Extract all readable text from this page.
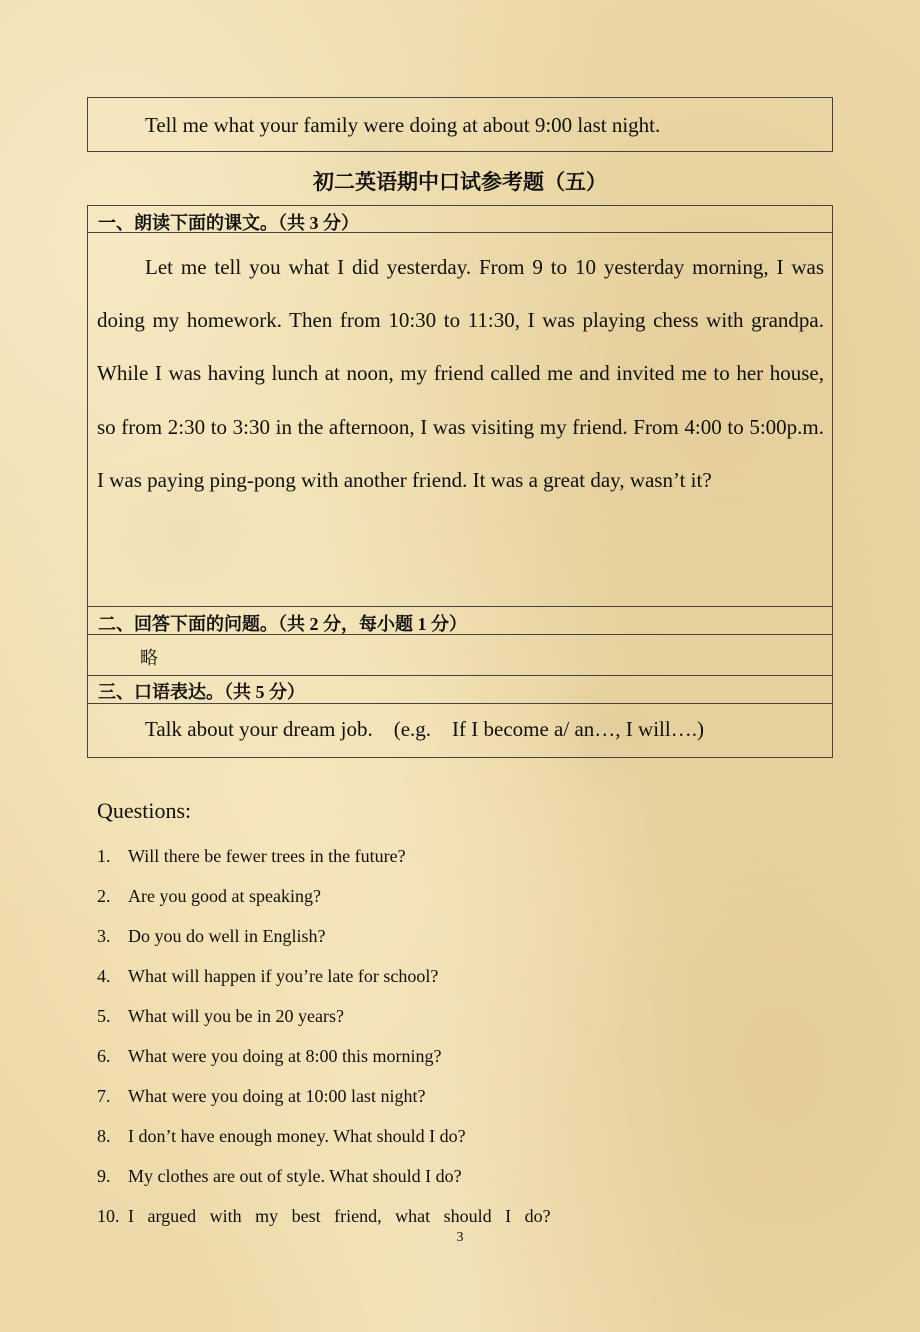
Tell me what your family were doing at about 9:00 last night.
初二英语期中口试参考题（五）
一、朗读下面的课文。（共 3 分）
Let me tell you what I did yesterday. From 9 to 10 yesterday morning, I was doing my homework. Then from 10:30 to 11:30, I was playing chess with grandpa. While I was having lunch at noon, my friend called me and invited me to her house, so from 2:30 to 3:30 in the afternoon, I was visiting my friend. From 4:00 to 5:00p.m. I was paying ping-pong with another friend. It was a great day, wasn’t it?
二、回答下面的问题。（共 2 分，每小题 1 分）
略
三、口语表达。（共 5 分）
Talk about your dream job.    (e.g.    If I become a/ an…, I will….)
Questions:
1. Will there be fewer trees in the future?
2. Are you good at speaking?
3. Do you do well in English?
4. What will happen if you’re late for school?
5. What will you be in 20 years?
6. What were you doing at 8:00 this morning?
7. What were you doing at 10:00 last night?
8. I don’t have enough money. What should I do?
9. My clothes are out of style. What should I do?
10. I argued with my best friend, what should I do?
3
